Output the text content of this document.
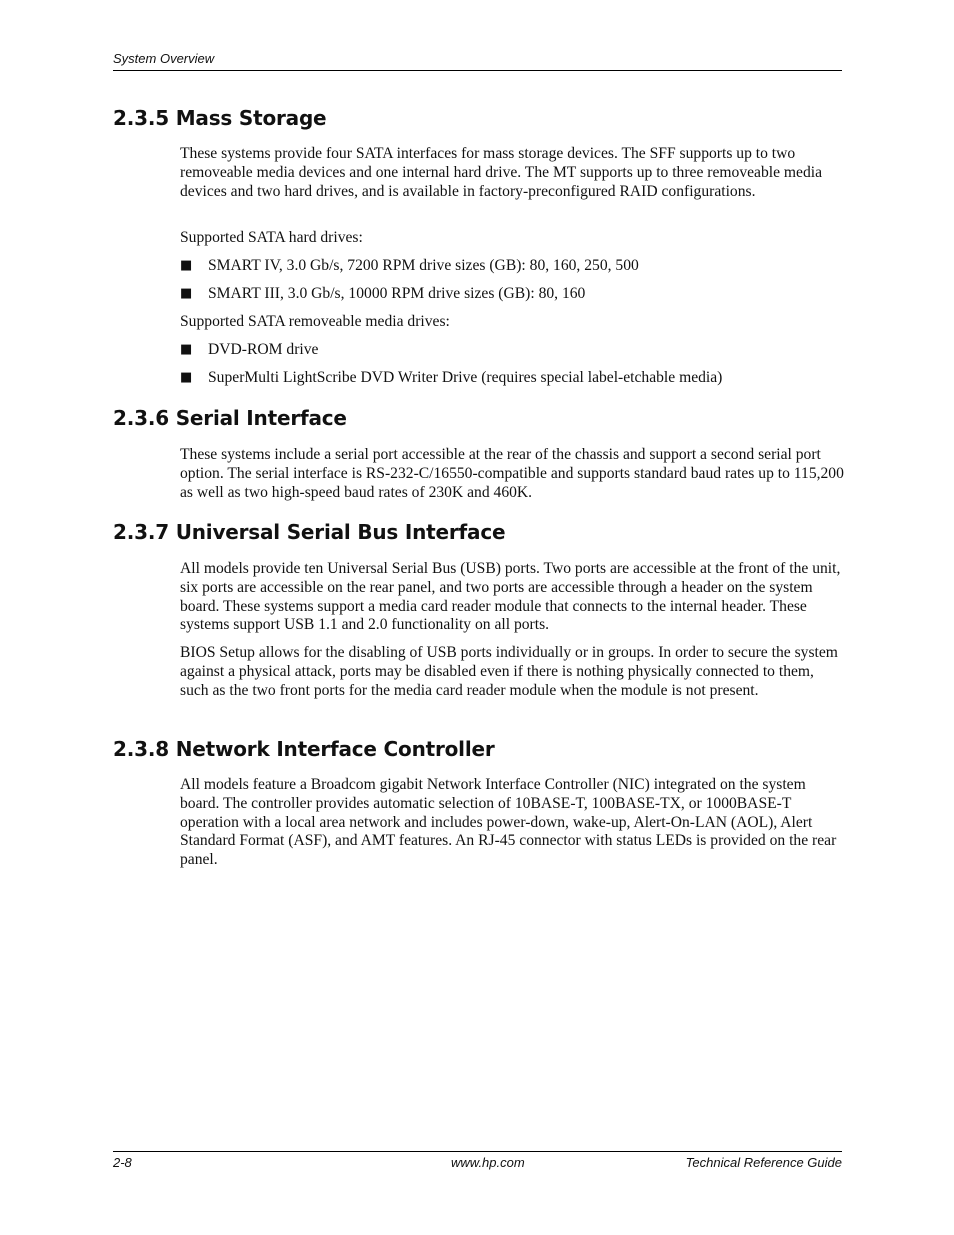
System Overview
2.3.5 Mass Storage

These systems provide four SATA interfaces for mass storage devices. The SFF supports up to two removeable media devices and one internal hard drive. The MT supports up to three removeable media devices and two hard drives, and is available in factory-preconfigured RAID configurations.

Supported SATA hard drives:

■ SMART IV, 3.0 Gb/s, 7200 RPM drive sizes (GB): 80, 160, 250, 500
■ SMART III, 3.0 Gb/s, 10000 RPM drive sizes (GB): 80, 160

Supported SATA removeable media drives:

■ DVD-ROM drive
■ SuperMulti LightScribe DVD Writer Drive (requires special label-etchable media)
2.3.6 Serial Interface

These systems include a serial port accessible at the rear of the chassis and support a second serial port option. The serial interface is RS-232-C/16550-compatible and supports standard baud rates up to 115,200 as well as two high-speed baud rates of 230K and 460K.

2.3.7 Universal Serial Bus Interface

All models provide ten Universal Serial Bus (USB) ports. Two ports are accessible at the front of the unit, six ports are accessible on the rear panel, and two ports are accessible through a header on the system board. These systems support a media card reader module that connects to the internal header. These systems support USB 1.1 and 2.0 functionality on all ports.

BIOS Setup allows for the disabling of USB ports individually or in groups. In order to secure the system against a physical attack, ports may be disabled even if there is nothing physically connected to them, such as the two front ports for the media card reader module when the module is not present.

2.3.8 Network Interface Controller

All models feature a Broadcom gigabit Network Interface Controller (NIC) integrated on the system board. The controller provides automatic selection of 10BASE-T, 100BASE-TX, or 1000BASE-T operation with a local area network and includes power-down, wake-up, Alert-On-LAN (AOL), Alert Standard Format (ASF), and AMT features. An RJ-45 connector with status LEDs is provided on the rear panel.

2-8	www.hp.com	Technical Reference Guide
